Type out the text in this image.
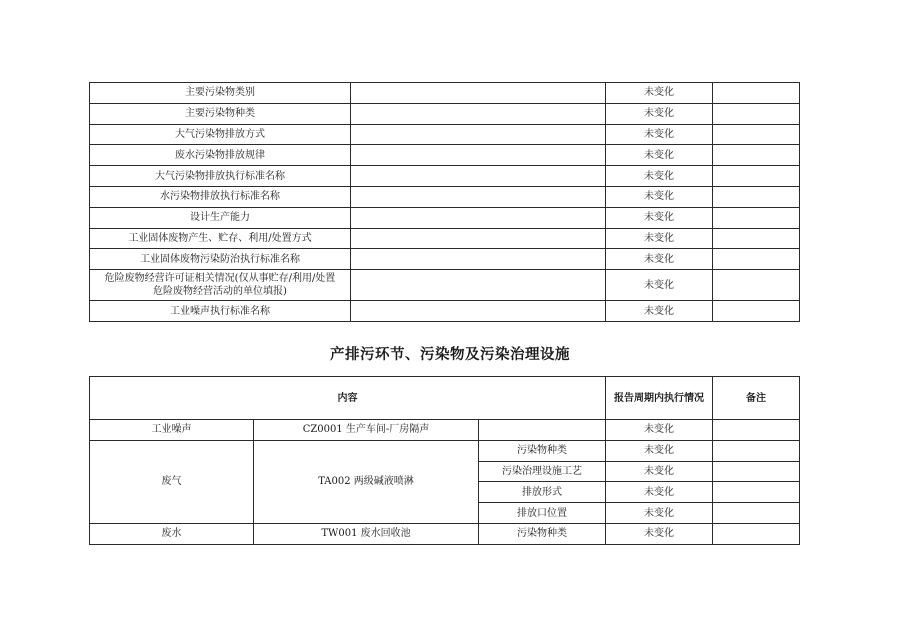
主要污染物类别		未变化	
主要污染物种类		未变化	
大气污染物排放方式		未变化	
废水污染物排放规律		未变化	
大气污染物排放执行标准名称		未变化	
水污染物排放执行标准名称		未变化	
设计生产能力		未变化	
工业固体废物产生、贮存、利用/处置方式		未变化	
工业固体废物污染防治执行标准名称		未变化	

危险废物经营许可证相关情况(仅从事贮存/利用/处置
危险废物经营活动的单位填报)		未变化	
工业噪声执行标准名称		未变化	
产排污环节、污染物及污染治理设施
内容			报告周期内执行情况	备注
工业噪声	CZ0001 生产车间-厂房隔声		未变化	
废气	TA002 两级碱液喷淋	污染物种类	未变化	
		污染治理设施工艺	未变化	
		排放形式	未变化	
		排放口位置	未变化	
废水	TW001 废水回收池	污染物种类	未变化	
